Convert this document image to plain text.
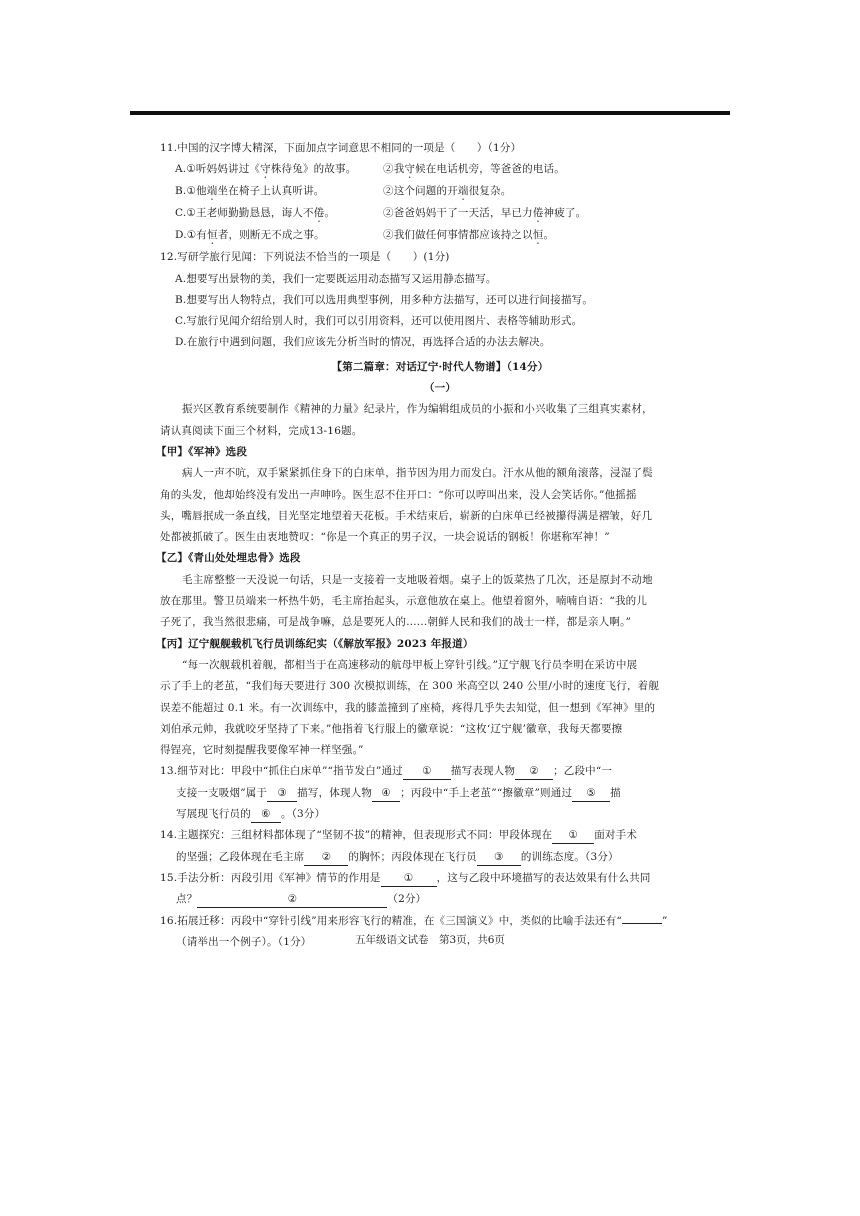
11.中国的汉字博大精深，下面加点字词意思不相同的一项是（　　）（1分）
A.①听妈妈讲过《守株待兔》的故事。	②我守候在电话机旁，等爸爸的电话。
B.①他端坐在椅子上认真听讲。	②这个问题的开端很复杂。
C.①王老师勤勤恳恳，诲人不倦。	②爸爸妈妈干了一天活，早已力倦神疲了。
D.①有恒者，则断无不成之事。	②我们做任何事情都应该持之以恒。
12.写研学旅行见闻：下列说法不恰当的一项是（　　）(1分)
A.想要写出景物的美，我们一定要既运用动态描写又运用静态描写。
B.想要写出人物特点，我们可以选用典型事例，用多种方法描写，还可以进行间接描写。
C.写旅行见闻介绍给别人时，我们可以引用资料，还可以使用图片、表格等辅助形式。
D.在旅行中遇到问题，我们应该先分析当时的情况，再选择合适的办法去解决。
【第二篇章：对话辽宁·时代人物谱】（14分）
（一）
振兴区教育系统要制作《精神的力量》纪录片，作为编辑组成员的小振和小兴收集了三组真实素材，
请认真阅读下面三个材料，完成13-16题。
【甲】《军神》选段
病人一声不吭，双手紧紧抓住身下的白床单，指节因为用力而发白。汗水从他的额角滚落，浸湿了鬓
角的头发，他却始终没有发出一声呻吟。医生忍不住开口：“你可以哼叫出来，没人会笑话你。”他摇摇
头，嘴唇抿成一条直线，目光坚定地望着天花板。手术结束后，崭新的白床单已经被攥得满是褶皱，好几
处都被抓破了。医生由衷地赞叹：“你是一个真正的男子汉，一块会说话的钢板！你堪称军神！”
【乙】《青山处处埋忠骨》选段
毛主席整整一天没说一句话，只是一支接着一支地吸着烟。桌子上的饭菜热了几次，还是原封不动地
放在那里。警卫员端来一杯热牛奶，毛主席抬起头，示意他放在桌上。他望着窗外，喃喃自语：“我的儿
子死了，我当然很悲痛，可是战争嘛，总是要死人的……朝鲜人民和我们的战士一样，都是亲人啊。”
【丙】辽宁舰舰载机飞行员训练纪实（《解放军报》2023 年报道）
“每一次舰载机着舰，都相当于在高速移动的航母甲板上穿针引线。”辽宁舰飞行员李明在采访中展
示了手上的老茧，“我们每天要进行 300 次模拟训练，在 300 米高空以 240 公里/小时的速度飞行，着舰
误差不能超过 0.1 米。有一次训练中，我的膝盖撞到了座椅，疼得几乎失去知觉，但一想到《军神》里的
刘伯承元帅，我就咬牙坚持了下来。”他指着飞行服上的徽章说：“这枚‘辽宁舰’徽章，我每天都要擦
得锃亮，它时刻提醒我要像军神一样坚强。”
13.细节对比：甲段中“抓住白床单”“指节发白”通过 ① 描写表现人物 ② ；乙段中“一
支接一支吸烟”属于 ③ 描写，体现人物 ④ ；丙段中“手上老茧”“擦徽章”则通过 ⑤ 描
写展现飞行员的 ⑥ 。（3分）
14.主题探究：三组材料都体现了“坚韧不拔”的精神，但表现形式不同：甲段体现在 ① 面对手术
的坚强；乙段体现在毛主席 ② 的胸怀；丙段体现在飞行员 ③ 的训练态度。（3分）
15.手法分析：丙段引用《军神》情节的作用是 ① ，这与乙段中环境描写的表达效果有什么共同
点？	②	（2分）
16.拓展迁移：丙段中“穿针引线”用来形容飞行的精准，在《三国演义》中，类似的比喻手法还有“	”
（请举出一个例子）。（1分）	五年级语文试卷　第3页，共6页
